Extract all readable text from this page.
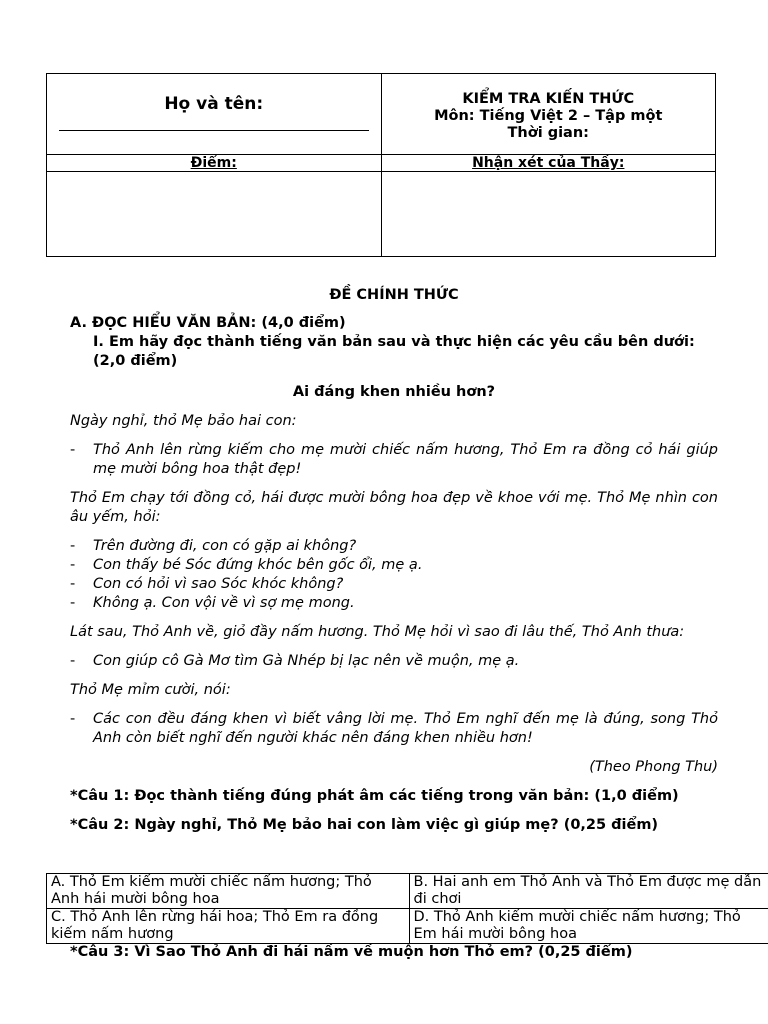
Họ và tên:	KIỂM TRA KIẾN THỨC
Môn: Tiếng Việt 2 – Tập một
Thời gian:

Điểm:	Nhận xét của Thầy:

ĐỀ CHÍNH THỨC

A. ĐỌC HIỂU VĂN BẢN: (4,0 điểm)

I. Em hãy đọc thành tiếng văn bản sau và thực hiện các yêu cầu bên dưới: (2,0 điểm)

Ai đáng khen nhiều hơn?

Ngày nghỉ, thỏ Mẹ bảo hai con:

- Thỏ Anh lên rừng kiếm cho mẹ mười chiếc nấm hương, Thỏ Em ra đồng cỏ hái giúp mẹ mười bông hoa thật đẹp!

Thỏ Em chạy tới đồng cỏ, hái được mười bông hoa đẹp về khoe với mẹ. Thỏ Mẹ nhìn con âu yếm, hỏi:

- Trên đường đi, con có gặp ai không?

- Con thấy bé Sóc đứng khóc bên gốc ổi, mẹ ạ.

- Con có hỏi vì sao Sóc khóc không?

- Không ạ. Con vội về vì sợ mẹ mong.

Lát sau, Thỏ Anh về, giỏ đầy nấm hương. Thỏ Mẹ hỏi vì sao đi lâu thế, Thỏ Anh thưa:

- Con giúp cô Gà Mơ tìm Gà Nhép bị lạc nên về muộn, mẹ ạ.

Thỏ Mẹ mỉm cười, nói:

- Các con đều đáng khen vì biết vâng lời mẹ. Thỏ Em nghĩ đến mẹ là đúng, song Thỏ Anh còn biết nghĩ đến người khác nên đáng khen nhiều hơn!

(Theo Phong Thu)

*Câu 1: Đọc thành tiếng đúng phát âm các tiếng trong văn bản: (1,0 điểm)

*Câu 2: Ngày nghỉ, Thỏ Mẹ bảo hai con làm việc gì giúp mẹ? (0,25 điểm)

A. Thỏ Em kiếm mười chiếc nấm hương; Thỏ Anh hái mười bông hoa	B. Hai anh em Thỏ Anh và Thỏ Em được mẹ dẫn đi chơi
C. Thỏ Anh lên rừng hái hoa; Thỏ Em ra đồng kiếm nấm hương	D. Thỏ Anh kiếm mười chiếc nấm hương; Thỏ Em hái mười bông hoa
*Câu 3: Vì Sao Thỏ Anh đi hái nấm về muộn hơn Thỏ em? (0,25 điểm)
